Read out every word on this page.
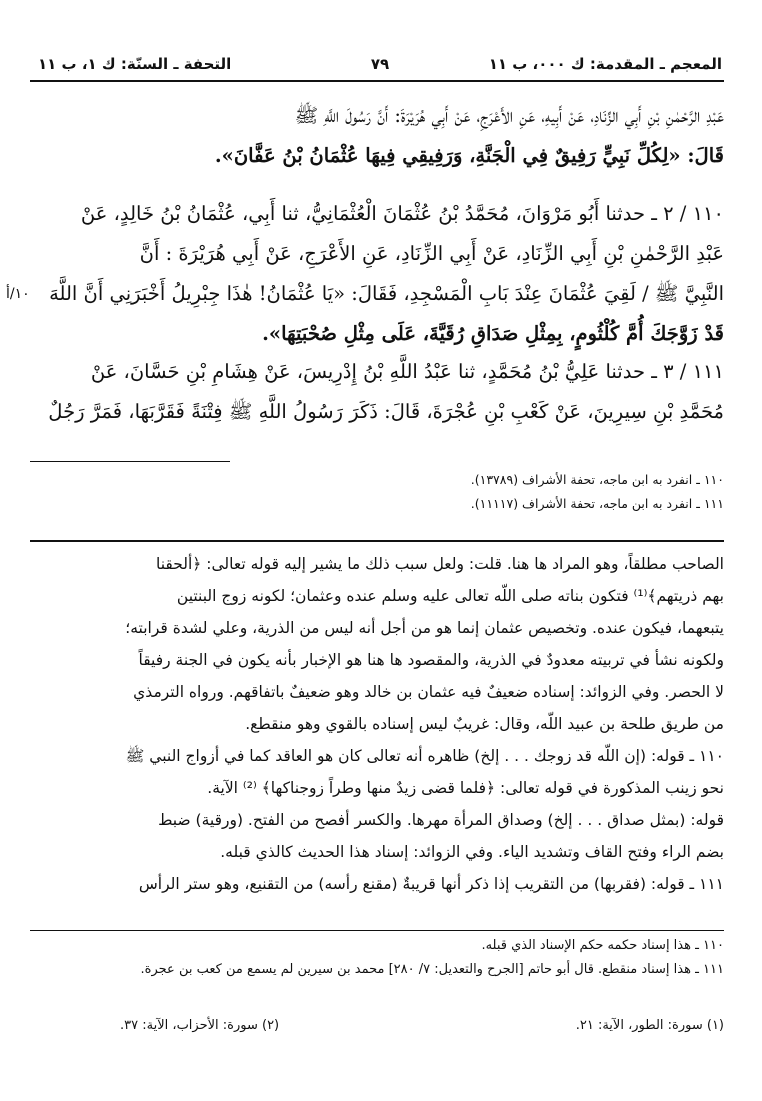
المعجم ـ المقدمة: ك ٠٠٠، ب ١١
٧٩
التحفة ـ السنّة: ك ١، ب ١١

عَبْدِ الرَّحْمٰنِ بْنِ أَبِي الزِّنَادِ، عَنْ أَبِيهِ، عَنِ الأَعْرَجِ، عَنْ أَبِي هُرَيْرَةَ: أَنَّ رَسُولَ اللَّهِ ﷺ

قَالَ: «لِكُلِّ نَبِيٍّ رَفِيقٌ فِي الْجَنَّةِ، وَرَفِيقِي فِيهَا عُثْمَانُ بْنُ عَفَّانَ».

١١٠ / ٢ ـ حدثنا أَبُو مَرْوَانَ، مُحَمَّدُ بْنُ عُثْمَانَ الْعُثْمَانِيُّ، ثنا أَبِي، عُثْمَانُ بْنُ خَالِدٍ، عَنْ

عَبْدِ الرَّحْمٰنِ بْنِ أَبِي الزِّنَادِ، عَنْ أَبِي الزِّنَادِ، عَنِ الأَعْرَجِ، عَنْ أَبِي هُرَيْرَةَ : أَنَّ

النَّبِيَّ ﷺ / لَقِيَ عُثْمَانَ عِنْدَ بَابِ الْمَسْجِدِ، فَقَالَ: «يَا عُثْمَانُ! هٰذَا جِبْرِيلُ أَخْبَرَنِي أَنَّ اللَّهَ

قَدْ زَوَّجَكَ أُمَّ كُلْثُومٍ، بِمِثْلِ صَدَاقِ رُقَيَّةَ، عَلَى مِثْلِ صُحْبَتِهَا».

١٠/أ

١١١ / ٣ ـ حدثنا عَلِيُّ بْنُ مُحَمَّدٍ، ثنا عَبْدُ اللَّهِ بْنُ إِدْرِيسَ، عَنْ هِشَامِ بْنِ حَسَّانَ، عَنْ

مُحَمَّدِ بْنِ سِيرِينَ، عَنْ كَعْبِ بْنِ عُجْرَةَ، قَالَ: ذَكَرَ رَسُولُ اللَّهِ ﷺ فِتْنَةً فَقَرَّبَهَا، فَمَرَّ رَجُلٌ

١١٠ ـ انفرد به ابن ماجه، تحفة الأشراف (١٣٧٨٩).
١١١ ـ انفرد به ابن ماجه، تحفة الأشراف (١١١١٧).

الصاحب مطلقاً، وهو المراد ها هنا. قلت: ولعل سبب ذلك ما يشير إليه قوله تعالى: ﴿ألحقنا

بهم ذريتهم﴾⁽¹⁾ فتكون بناته صلى اللّه تعالى عليه وسلم عنده وعثمان؛ لكونه زوج البنتين

يتبعهما، فيكون عنده. وتخصيص عثمان إنما هو من أجل أنه ليس من الذرية، وعلي لشدة قرابته؛

ولكونه نشأ في تربيته معدودٌ في الذرية، والمقصود ها هنا هو الإخبار بأنه يكون في الجنة رفيقاً

لا الحصر. وفي الزوائد: إسناده ضعيفٌ فيه عثمان بن خالد وهو ضعيفٌ باتفاقهم. ورواه الترمذي

من طريق طلحة بن عبيد اللّه، وقال: غريبٌ ليس إسناده بالقوي وهو منقطع.

١١٠ ـ قوله: (إن اللّه قد زوجك . . . إلخ) ظاهره أنه تعالى كان هو العاقد كما في أزواج النبي ﷺ

نحو زينب المذكورة في قوله تعالى: ﴿فلما قضى زيدٌ منها وطراً زوجناكها﴾ ⁽²⁾ الآية.

قوله: (بمثل صداق . . . إلخ) وصداق المرأة مهرها. والكسر أفصح من الفتح. (ورقية) ضبط

بضم الراء وفتح القاف وتشديد الياء. وفي الزوائد: إسناد هذا الحديث كالذي قبله.

١١١ ـ قوله: (فقربها) من التقريب إذا ذكر أنها قريبةٌ (مقنع رأسه) من التقنيع، وهو ستر الرأس

١١٠ ـ هذا إسناد حكمه حكم الإسناد الذي قبله.
١١١ ـ هذا إسناد منقطع. قال أبو حاتم [الجرح والتعديل: ٧/ ٢٨٠] محمد بن سيرين لم يسمع من كعب بن عجرة.
(١) سورة: الطور، الآية: ٢١.
(٢) سورة: الأحزاب، الآية: ٣٧.
